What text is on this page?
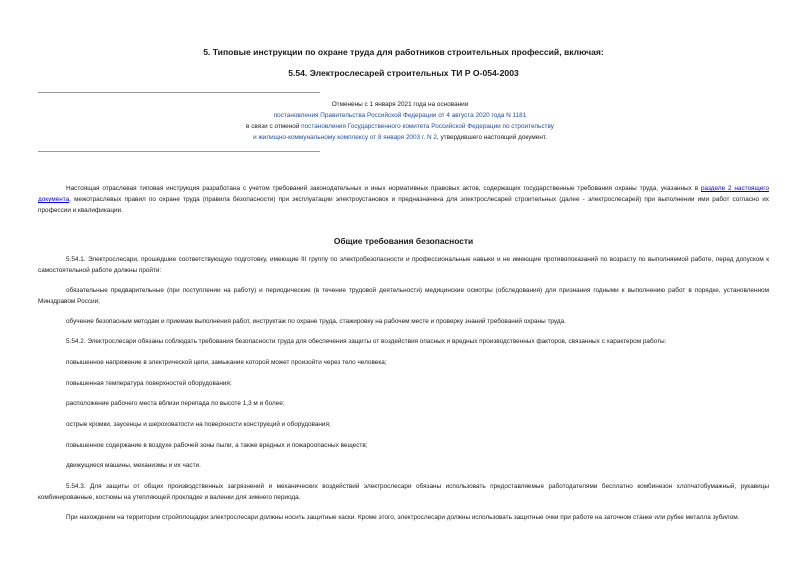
5. Типовые инструкции по охране труда для работников строительных профессий, включая:
5.54. Электрослесарей строительных ТИ Р О-054-2003
Отменены с 1 января 2021 года на основании
постановления Правительства Российской Федерации от 4 августа 2020 года N 1181
в связи с отменой постановления Государственного комитета Российской Федерации по строительству
и жилищно-коммунальному комплексу от 8 января 2003 г. N 2, утвердившего настоящий документ.

Настоящая отраслевая типовая инструкция разработана с учетом требований законодательных и иных нормативных правовых актов, содержащих государственные требования охраны труда, указанных в разделе 2 настоящего документа, межотраслевых правил по охране труда (правила безопасности) при эксплуатации электроустановок и предназначена для электрослесарей строительных (далее - электрослесарей) при выполнении ими работ согласно их профессии и квалификации.

Общие требования безопасности

5.54.1. Электрослесари, прошедшие соответствующую подготовку, имеющие III группу по электробезопасности и профессиональные навыки и не имеющие противопоказаний по возрасту по выполняемой работе, перед допуском к самостоятельной работе должны пройти:

обязательные предварительные (при поступлении на работу) и периодические (в течение трудовой деятельности) медицинские осмотры (обследования) для признания годными к выполнению работ в порядке, установленном Минздравом России;

обучение безопасным методам и приемам выполнения работ, инструктаж по охране труда, стажировку на рабочем месте и проверку знаний требований охраны труда.

5.54.2. Электрослесари обязаны соблюдать требования безопасности труда для обеспечения защиты от воздействия опасных и вредных производственных факторов, связанных с характером работы:

повышенное напряжение в электрической цепи, замыкание которой может произойти через тело человека;

повышенная температура поверхностей оборудования;

расположение рабочего места вблизи перепада по высоте 1,3 м и более;

острые кромки, заусенцы и шероховатости на поверхности конструкций и оборудования;

повышенное содержание в воздухе рабочей зоны пыли, а также вредных и пожароопасных веществ;

движущиеся машины, механизмы и их части.

5.54.3. Для защиты от общих производственных загрязнений и механических воздействий электрослесари обязаны использовать предоставляемые работодателями бесплатно комбинезон хлопчатобумажный, рукавицы комбинированные, костюмы на утепляющей прокладке и валенки для зимнего периода.

При нахождении на территории стройплощадки электрослесари должны носить защитные каски. Кроме этого, электрослесари должны использовать защитные очки при работе на заточном станке или рубке металла зубилом.
